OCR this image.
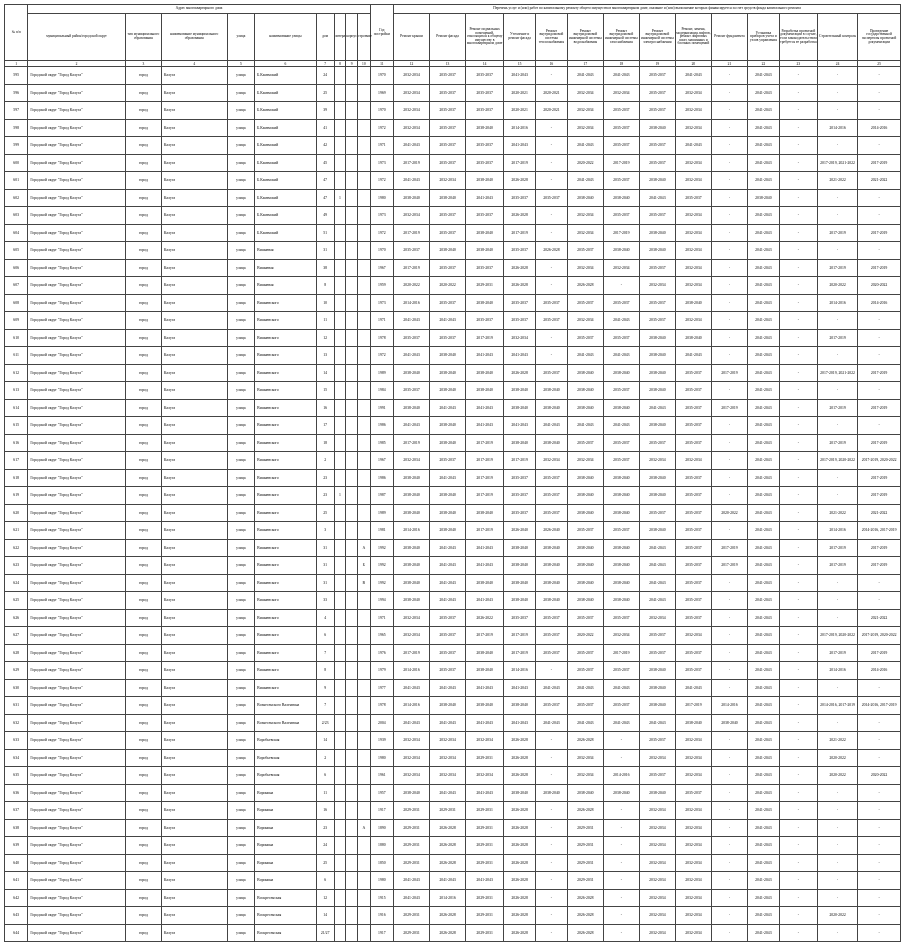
№ п/п	Адрес многоквартирного дома									Год постройки	Перечень услуг и (или) работ по капитальному ремонту общего имущества в многоквартирном доме, оказание и (или) выполнение которых финансируется за счет средств фонда капитального ремонта													
	муниципальный район/городской округ	тип муниципального образования	наименование муниципального образования	улица	наименование улицы	дом	литера	корпус	строение		Ремонт крыши	Ремонт фасада	Ремонт подвальных помещений, относящихся к общему имуществу в многоквартирном доме	Утепление и ремонт фасада	Ремонт внутридомовой системы теплоснабжения	Ремонт внутридомовой инженерной системы водоснабжения	Ремонт внутридомовой инженерной системы газоснабжения	Ремонт внутридомовой инженерной системы электроснабжения	Ремонт, замена, модернизация лифтов, ремонт лифтовых шахт, машинных и блочных помещений	Ремонт фундамента	Установка приборов учета и узлов управления	Разработка проектной документации в случае, если законодательством требуется ее разработка	Строительный контроль	Проведение государственной экспертизы проектной документации
1	2	3	4	5	6	7	8	9	10	11	12	13	14	15	16	17	18	19	20	21	22	23	24	25
595	Городской округ "Город Калуга"	город	Калуга	улица	Б.Каменский	24				1970	2032-2034	2035-2037	2035-2037	2041-2043	-	2041-2043	2041-2043	2035-2037	2041-2043	-	2041-2043	-	-	-
596	Городской округ "Город Калуга"	город	Калуга	улица	Б.Каменский	25				1969	2032-2034	2035-2037	2035-2037	2020-2021	2020-2021	2032-2034	2032-2034	2035-2037	2032-2034	-	2041-2043	-	-	-
597	Городской округ "Город Калуга"	город	Калуга	улица	Б.Каменский	39				1970	2032-2034	2035-2037	2035-2037	2020-2021	2020-2021	2032-2034	2035-2037	2035-2037	2032-2034	-	2041-2043	-	-	-
598	Городской округ "Город Калуга"	город	Калуга	улица	Б.Каменский	41				1972	2032-2034	2035-2037	2038-2040	2014-2016	-	2032-2034	2035-2037	2038-2040	2032-2034	-	2041-2043	-	2014-2016	2014-2016
599	Городской округ "Город Калуга"	город	Калуга	улица	Б.Каменский	42				1971	2041-2043	2035-2037	2035-2037	2041-2043	-	2041-2043	2035-2037	2035-2037	2041-2043	-	2041-2043	-	-	-
600	Городской округ "Город Калуга"	город	Калуга	улица	Б.Каменский	45				1973	2017-2019	2035-2037	2035-2037	2017-2019	-	2020-2022	2017-2019	2035-2037	2032-2034	-	2041-2043	-	2017-2019, 2021-2022	2017-2019
601	Городской округ "Город Калуга"	город	Калуга	улица	Б.Каменский	47				1972	2041-2043	2032-2034	2038-2040	2026-2028	-	2041-2043	2035-2037	2038-2040	2032-2034	-	2041-2043	-	2021-2022	2021-2022
602	Городской округ "Город Калуга"	город	Калуга	улица	Б.Каменский	47	1			1980	2038-2040	2038-2040	2041-2043	2035-2037	2035-2037	2038-2040	2038-2040	2041-2043	2035-2037	-	2038-2040	-	-	-
603	Городской округ "Город Калуга"	город	Калуга	улица	Б.Каменский	49				1973	2032-2034	2035-2037	2035-2037	2026-2028	-	2032-2034	2035-2037	2035-2037	2032-2034	-	2041-2043	-	-	-
604	Городской округ "Город Калуга"	город	Калуга	улица	Б.Каменский	51				1972	2017-2019	2035-2037	2038-2040	2017-2019	-	2032-2034	2017-2019	2038-2040	2032-2034	-	2041-2043	-	2017-2019	2017-2019
605	Городской округ "Город Калуга"	город	Калуга	улица	Вишневая	31				1970	2035-2037	2038-2040	2038-2040	2035-2037	2026-2028	2035-2037	2038-2040	2038-2040	2032-2034	-	2041-2043	-	-	-
606	Городской округ "Город Калуга"	город	Калуга	улица	Вишневая	38				1967	2017-2019	2035-2037	2035-2037	2026-2028	-	2032-2034	2032-2034	2035-2037	2032-2034	-	2041-2043	-	2017-2019	2017-2019
607	Городской округ "Город Калуга"	город	Калуга	улица	Вишневая	8				1959	2020-2022	2020-2022	2029-2031	2026-2028	-	2026-2028	-	2032-2034	2032-2034	-	2041-2043	-	2020-2022	2020-2022
608	Городской округ "Город Калуга"	город	Калуга	улица	Вишневского	10				1973	2014-2016	2035-2037	2038-2040	2035-2037	2035-2037	2035-2037	2035-2037	2035-2037	2038-2040	-	2041-2043	-	2014-2016	2014-2016
609	Городской округ "Город Калуга"	город	Калуга	улица	Вишневского	11				1971	2041-2043	2041-2043	2035-2037	2035-2037	2035-2037	2032-2034	2041-2043	2035-2037	2032-2034	-	2041-2043	-	-	-
610	Городской округ "Город Калуга"	город	Калуга	улица	Вишневского	12				1978	2035-2037	2035-2037	2017-2019	2032-2034	-	2035-2037	2035-2037	2038-2040	2038-2040	-	2041-2043	-	2017-2019	-
611	Городской округ "Город Калуга"	город	Калуга	улица	Вишневского	13				1972	2041-2043	2038-2040	2041-2043	2041-2043	-	2041-2043	2041-2043	2038-2040	2041-2043	-	2041-2043	-	-	-
612	Городской округ "Город Калуга"	город	Калуга	улица	Вишневского	14				1989	2038-2040	2038-2040	2038-2040	2026-2028	2035-2037	2038-2040	2038-2040	2038-2040	2035-2037	2017-2019	2041-2043	-	2017-2019, 2021-2022	2017-2019
613	Городской округ "Город Калуга"	город	Калуга	улица	Вишневского	15				1984	2035-2037	2038-2040	2038-2040	2038-2040	2038-2040	2038-2040	2035-2037	2038-2040	2035-2037	-	2041-2043	-	-	-
614	Городской округ "Город Калуга"	город	Калуга	улица	Вишневского	16				1991	2038-2040	2041-2043	2041-2043	2038-2040	2038-2040	2038-2040	2038-2040	2041-2043	2035-2037	2017-2019	2041-2043	-	2017-2019	2017-2019
615	Городской округ "Город Калуга"	город	Калуга	улица	Вишневского	17				1986	2041-2043	2038-2040	2041-2043	2041-2043	2041-2043	2041-2043	2041-2043	2038-2040	2035-2037	-	2041-2043	-	-	-
616	Городской округ "Город Калуга"	город	Калуга	улица	Вишневского	18				1985	2017-2019	2038-2040	2017-2019	2038-2040	2038-2040	2035-2037	2035-2037	2035-2037	2035-2037	-	2041-2043	-	2017-2019	2017-2019
617	Городской округ "Город Калуга"	город	Калуга	улица	Вишневского	2				1967	2032-2034	2035-2037	2017-2019	2017-2019	2032-2034	2032-2034	2035-2037	2032-2034	2032-2034	-	2041-2043	-	2017-2019, 2020-2022	2017-2019, 2020-2022
618	Городской округ "Город Калуга"	город	Калуга	улица	Вишневского	23				1986	2038-2040	2041-2043	2017-2019	2035-2037	2035-2037	2038-2040	2038-2040	2038-2040	2035-2037	-	2041-2043	-	-	2017-2019
619	Городской округ "Город Калуга"	город	Калуга	улица	Вишневского	23	1			1987	2038-2040	2038-2040	2017-2019	2035-2037	2035-2037	2038-2040	2038-2040	2038-2040	2035-2037	-	2041-2043	-	-	2017-2019
620	Городской округ "Город Калуга"	город	Калуга	улица	Вишневского	25				1989	2038-2040	2038-2040	2038-2040	2035-2037	2035-2037	2038-2040	2038-2040	2035-2037	2035-2037	2020-2022	2041-2043	-	2021-2022	2021-2022
621	Городской округ "Город Калуга"	город	Калуга	улица	Вишневского	3				1981	2014-2016	2038-2040	2017-2019	2026-2040	2026-2040	2035-2037	2035-2037	2038-2040	2035-2037	-	2041-2043	-	2014-2016	2014-2016, 2017-2019
622	Городской округ "Город Калуга"	город	Калуга	улица	Вишневского	31			А	1992	2038-2040	2041-2043	2041-2043	2038-2040	2038-2040	2038-2040	2038-2040	2041-2043	2035-2037	2017-2019	2041-2043	-	2017-2019	2017-2019
623	Городской округ "Город Калуга"	город	Калуга	улица	Вишневского	31			Б	1992	2038-2040	2041-2043	2041-2043	2038-2040	2038-2040	2038-2040	2038-2040	2041-2043	2035-2037	2017-2019	2041-2043	-	2017-2019	2017-2019
624	Городской округ "Город Калуга"	город	Калуга	улица	Вишневского	31			В	1992	2038-2040	2041-2043	2038-2040	2038-2040	2038-2040	2038-2040	2038-2040	2041-2043	2035-2037	-	2041-2043	-	-	-
625	Городской округ "Город Калуга"	город	Калуга	улица	Вишневского	33				1994	2038-2040	2041-2043	2041-2043	2038-2040	2038-2040	2038-2040	2038-2040	2041-2043	2035-2037	-	2041-2043	-	-	-
626	Городской округ "Город Калуга"	город	Калуга	улица	Вишневского	4				1971	2032-2034	2035-2037	2026-2022	2035-2037	2035-2037	2035-2037	2035-2037	2032-2034	2035-2037	-	2041-2043	-	-	2021-2022
627	Городской округ "Город Калуга"	город	Калуга	улица	Вишневского	6				1965	2032-2034	2035-2037	2017-2019	2017-2019	2035-2037	2020-2022	2032-2034	2035-2037	2032-2034	-	2041-2043	-	2017-2019, 2020-2022	2017-2019, 2020-2022
628	Городской округ "Город Калуга"	город	Калуга	улица	Вишневского	7				1976	2017-2019	2035-2037	2038-2040	2017-2019	2035-2037	2035-2037	2017-2019	2035-2037	2035-2037	-	2041-2043	-	2017-2019	2017-2019
629	Городской округ "Город Калуга"	город	Калуга	улица	Вишневского	8				1979	2014-2016	2035-2037	2038-2040	2014-2016	-	2035-2037	2035-2037	2038-2040	2035-2037	-	2041-2043	-	2014-2016	2014-2016
630	Городской округ "Город Калуга"	город	Калуга	улица	Вишневского	9				1977	2041-2043	2041-2043	2041-2043	2041-2043	2041-2043	2041-2043	2041-2043	2038-2040	2041-2043	-	2041-2043	-	-	-
631	Городской округ "Город Калуга"	город	Калуга	улица	Вознесенского Валентина	7				1978	2014-2016	2038-2040	2038-2040	2038-2040	2035-2037	2035-2037	2035-2037	2038-2040	2017-2019	2014-2016	2041-2043	-	2014-2016, 2017-2019	2014-2016, 2017-2019
632	Городской округ "Город Калуга"	город	Калуга	улица	Вознесенского Валентина	2/23				2004	2041-2043	2041-2043	2041-2043	2041-2043	2041-2043	2041-2043	2041-2043	2041-2043	2038-2040	2038-2040	2041-2043	-	-	-
633	Городской округ "Город Калуга"	город	Калуга	улица	Воробьевская	14				1939	2032-2034	2032-2034	2032-2034	2026-2028	-	2026-2028	-	2035-2037	2032-2034	-	2041-2043	-	2021-2022	-
634	Городской округ "Город Калуга"	город	Калуга	улица	Воробьевская	2				1980	2032-2034	2032-2034	2029-2031	2026-2028	-	2032-2034	-	2032-2034	2032-2034	-	2041-2043	-	2020-2022	-
635	Городской округ "Город Калуга"	город	Калуга	улица	Воробьевская	6				1961	2032-2034	2032-2034	2032-2034	2026-2028	-	2032-2034	2014-2016	2035-2037	2032-2034	-	2041-2043	-	2020-2022	2020-2022
636	Городской округ "Город Калуга"	город	Калуга	улица	Воронина	11				1957	2038-2040	2041-2043	2041-2043	2038-2040	2038-2040	2038-2040	2038-2040	2038-2040	2035-2037	-	2041-2043	-	-	-
637	Городской округ "Город Калуга"	город	Калуга	улица	Воронина	16				1917	2029-2031	2029-2031	2029-2031	2026-2028	-	2026-2028	-	2032-2034	2032-2034	-	2041-2043	-	-	-
638	Городской округ "Город Калуга"	город	Калуга	улица	Воронина	23			А	1890	2029-2031	2026-2028	2029-2031	2026-2028	-	2029-2031	-	2032-2034	2032-2034	-	2041-2043	-	-	-
639	Городской округ "Город Калуга"	город	Калуга	улица	Воронина	24				1880	2029-2031	2026-2028	2029-2031	2026-2028	-	2029-2031	-	2032-2034	2032-2034	-	2041-2043	-	-	-
640	Городской округ "Город Калуга"	город	Калуга	улица	Воронина	25				1850	2029-2031	2026-2028	2029-2031	2026-2028	-	2029-2031	-	2032-2034	2032-2034	-	2041-2043	-	-	-
641	Городской округ "Город Калуга"	город	Калуга	улица	Воронина	6				1980	2041-2043	2041-2043	2041-2043	2026-2028	-	2029-2031	-	2032-2034	2032-2034	-	2041-2043	-	-	-
642	Городской округ "Город Калуга"	город	Калуга	улица	Воскресенская	12				1915	2041-2043	2014-2016	2029-2031	2026-2028	-	2026-2028	-	2032-2034	2032-2034	-	2041-2043	-	-	-
643	Городской округ "Город Калуга"	город	Калуга	улица	Воскресенская	14				1916	2029-2031	2026-2028	2029-2031	2026-2028	-	2026-2028	-	2032-2034	2032-2034	-	2041-2043	-	2020-2022	-
644	Городской округ "Город Калуга"	город	Калуга	улица	Воскресенская	21/27				1917	2029-2031	2026-2028	2029-2031	2026-2028	-	2026-2028	-	2032-2034	2032-2034	-	2041-2043	-	-	-
